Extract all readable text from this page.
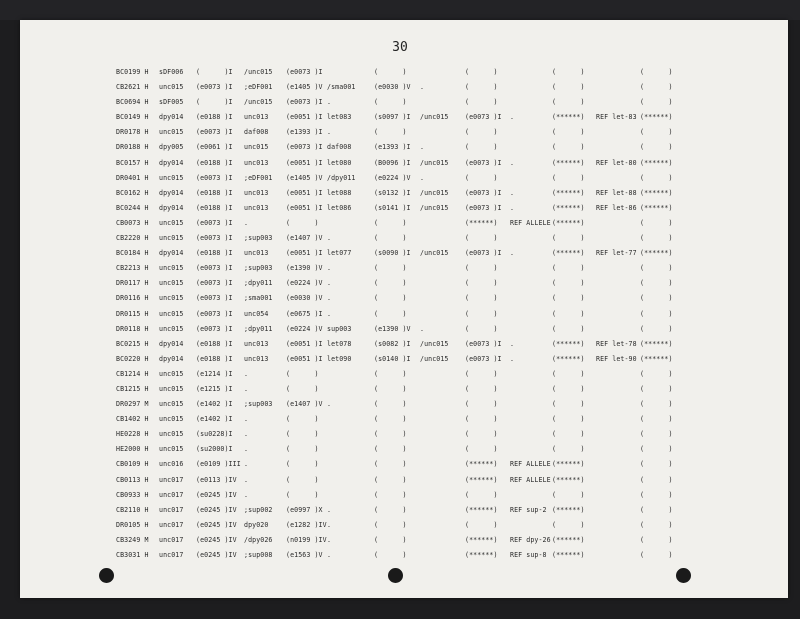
30
BC0199 H sDF006 (      )I /unc015 (e0073 )I	(      )	(      )	(      )	(      )
CB2621 H unc015 (e0073 )I ;eDF001 (e1405 )V /sma001	(e0030 )V .	(      )	(      )	(      )
BC0694 H sDF005 (      )I /unc015 (e0073 )I .	(      )	(      )	(      )	(      )
BC0149 H dpy014 (e0188 )I unc013	(e0051 )I let083	(s0097 )I /unc015	(e0073 )I .	(******) REF let-83 (******)
DR0178 H unc015 (e0073 )I daf008	(e1393 )I .	(      )	(      )	(      )	(      )
DR0188 H dpy005 (e0061 )I unc015	(e0073 )I daf008	(e1393 )I .	(      )	(      )	(      )
BC0157 H dpy014 (e0188 )I unc013	(e0051 )I let080	(B0096 )I /unc015	(e0073 )I .	(******) REF let-80 (******)
DR0401 H unc015 (e0073 )I ;eDF001 (e1405 )V /dpy011	(e0224 )V .	(      )	(      )	(      )
BC0162 H dpy014 (e0188 )I unc013	(e0051 )I let088	(s0132 )I /unc015	(e0073 )I .	(******) REF let-88 (******)
BC0244 H dpy014 (e0188 )I unc013	(e0051 )I let086	(s0141 )I /unc015	(e0073 )I .	(******) REF let-86 (******)
CB0073 H unc015 (e0073 )I .	(      )	(      )	(******) REF ALLELE (******)	(      )
CB2220 H unc015 (e0073 )I ;sup003 (e1407 )V .	(      )	(      )	(      )	(      )
BC0184 H dpy014 (e0188 )I unc013	(e0051 )I let077	(s0090 )I /unc015	(e0073 )I .	(******) REF let-77 (******)
CB2213 H unc015 (e0073 )I ;sup003 (e1390 )V .	(      )	(      )	(      )	(      )
DR0117 H unc015 (e0073 )I ;dpy011 (e0224 )V .	(      )	(      )	(      )	(      )
DR0116 H unc015 (e0073 )I ;sma001 (e0030 )V .	(      )	(      )	(      )	(      )
DR0115 H unc015 (e0073 )I unc054	(e0675 )I .	(      )	(      )	(      )	(      )
DR0118 H unc015 (e0073 )I ;dpy011 (e0224 )V sup003	(e1390 )V .	(      )	(      )	(      )
BC0215 H dpy014 (e0188 )I unc013	(e0051 )I let078	(s0082 )I /unc015	(e0073 )I .	(******) REF let-78 (******)
BC0220 H dpy014 (e0188 )I unc013	(e0051 )I let090	(s0140 )I /unc015	(e0073 )I .	(******) REF let-90 (******)
CB1214 H unc015 (e1214 )I .	(      )	(      )	(      )	(      )	(      )
CB1215 H unc015 (e1215 )I .	(      )	(      )	(      )	(      )	(      )
DR0297 M unc015 (e1402 )I ;sup003 (e1407 )V .	(      )	(      )	(      )	(      )
CB1402 H unc015 (e1402 )I .	(      )	(      )	(      )	(      )	(      )
HE0228 H unc015 (su0228)I .	(      )	(      )	(      )	(      )	(      )
HE2000 H unc015 (su2000)I .	(      )	(      )	(      )	(      )	(      )
CB0109 H unc016 (e0109 )III .	(      )	(      )	(******) REF ALLELE (******)	(      )
CB0113 H unc017 (e0113 )IV .	(      )	(      )	(******) REF ALLELE (******)	(      )
CB0933 H unc017 (e0245 )IV .	(      )	(      )	(      )	(      )	(      )
CB2110 H unc017 (e0245 )IV ;sup002 (e0997 )X .	(      )	(******) REF sup-2 (******)	(      )
DR0105 H unc017 (e0245 )IV dpy020	(e1282 )IV .	(      )	(      )	(      )	(      )
CB3249 M unc017 (e0245 )IV /dpy026 (n0199 )IV .	(      )	(******) REF dpy-26 (******)	(      )
CB3031 H unc017 (e0245 )IV ;sup008 (e1563 )V .	(      )	(******) REF sup-8 (******)	(      )
